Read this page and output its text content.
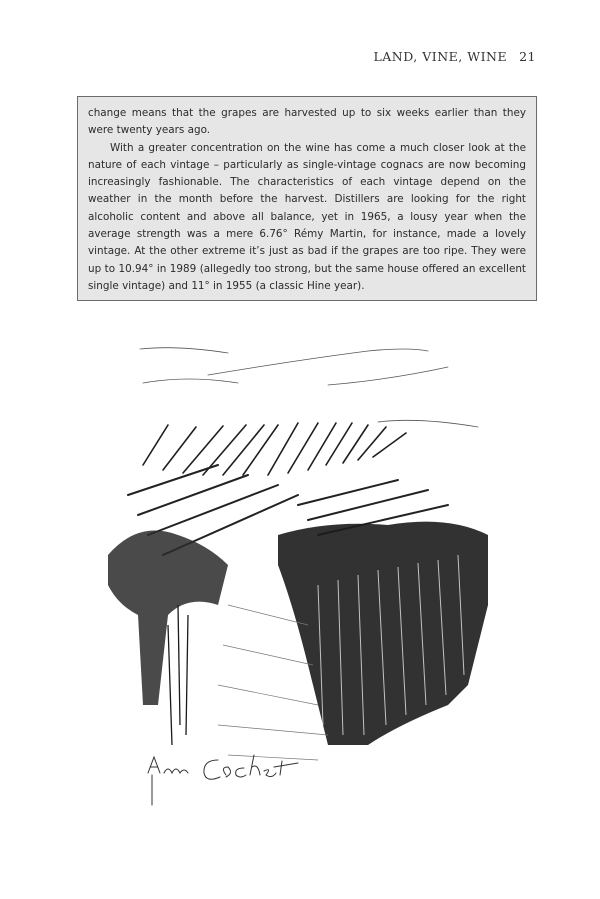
LAND, VINE, WINE 21

change means that the grapes are harvested up to six weeks earlier than they were twenty years ago.

With a greater concentration on the wine has come a much closer look at the nature of each vintage – particularly as single-vintage cognacs are now becoming increasingly fashionable. The characteristics of each vintage depend on the weather in the month before the harvest. Distillers are looking for the right alcoholic content and above all balance, yet in 1965, a lousy year when the average strength was a mere 6.76° Rémy Martin, for instance, made a lovely vintage. At the other extreme it’s just as bad if the grapes are too ripe. They were up to 10.94° in 1989 (allegedly too strong, but the same house offered an excellent single vintage) and 11° in 1955 (a classic Hine year).
